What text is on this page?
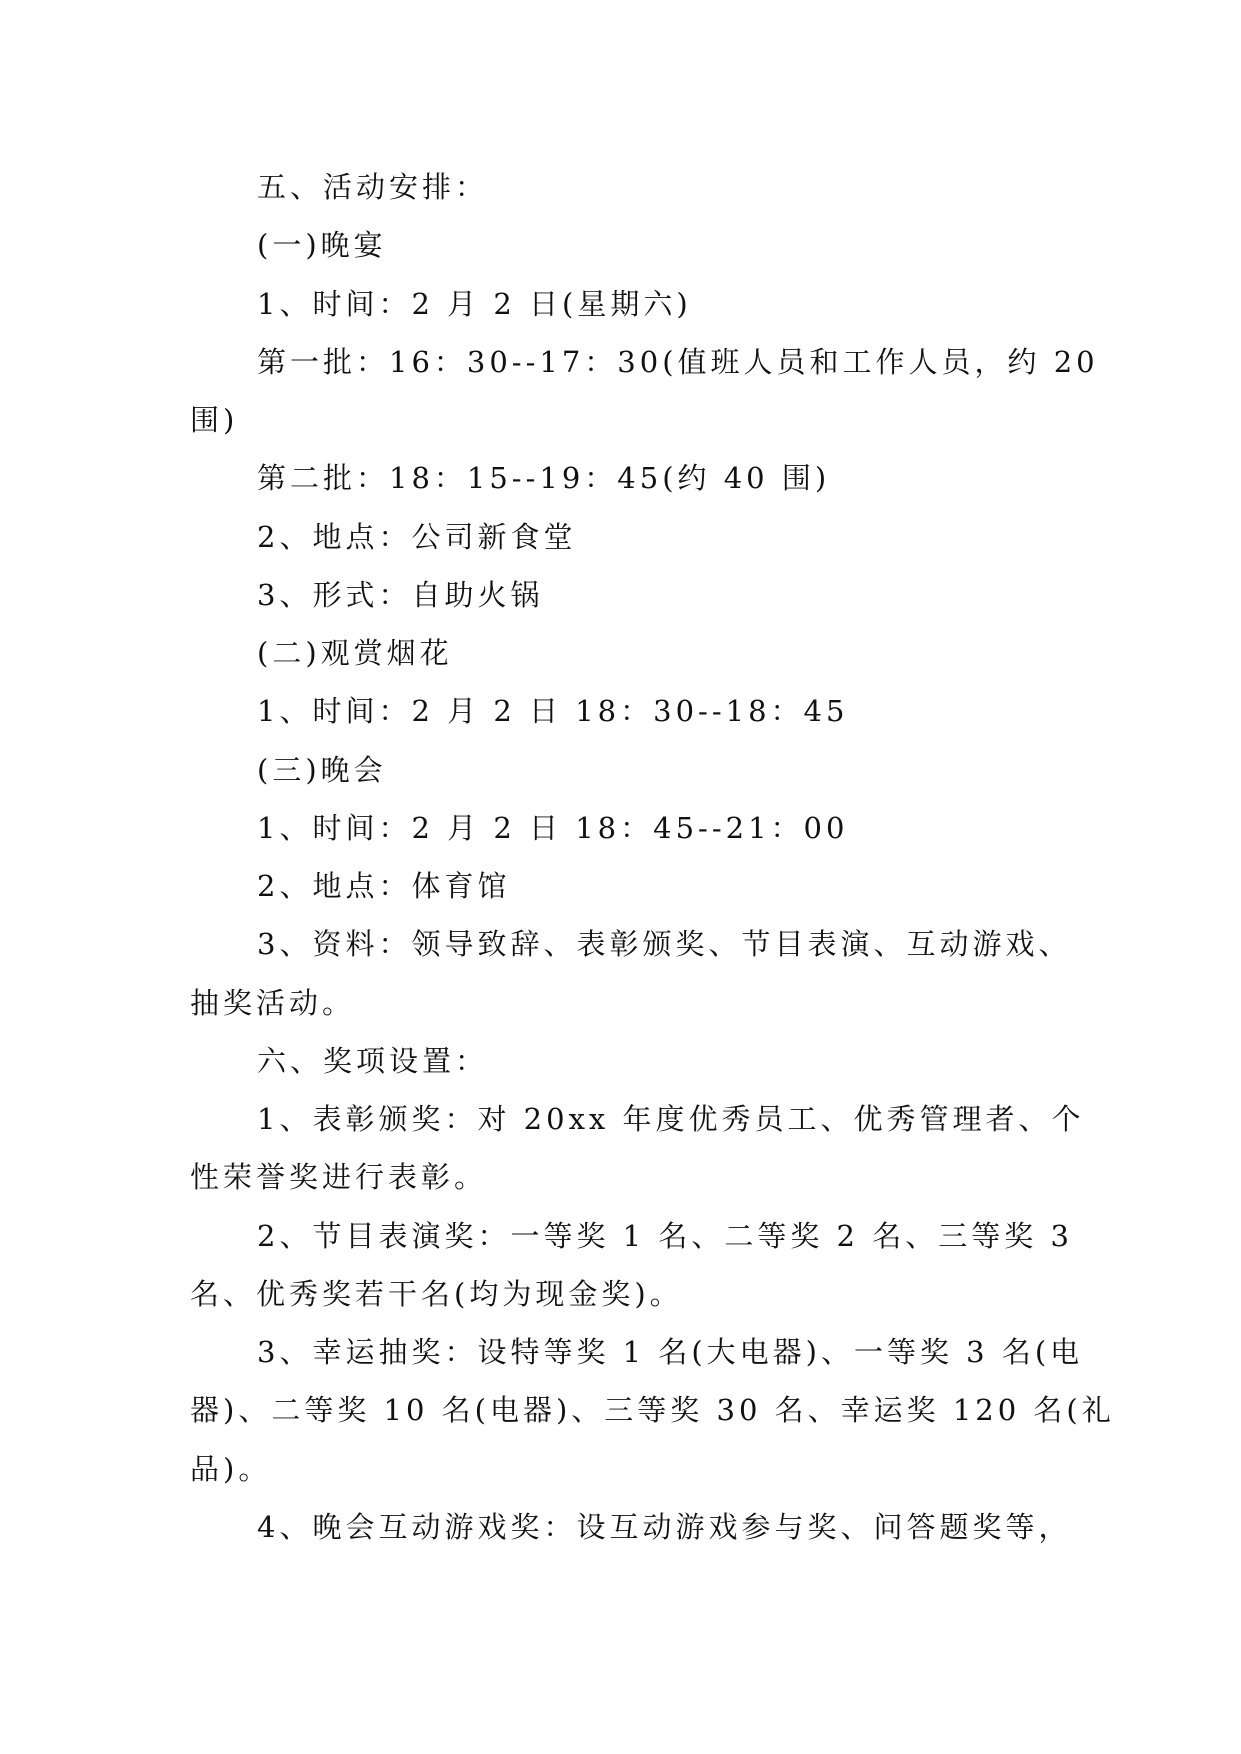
五、活动安排：
(一)晚宴
1、时间：2 月 2 日(星期六)
第一批：16：30--17：30(值班人员和工作人员，约 20
围)
第二批：18：15--19：45(约 40 围)
2、地点：公司新食堂
3、形式：自助火锅
(二)观赏烟花
1、时间：2 月 2 日 18：30--18：45
(三)晚会
1、时间：2 月 2 日 18：45--21：00
2、地点：体育馆
3、资料：领导致辞、表彰颁奖、节目表演、互动游戏、
抽奖活动。
六、奖项设置：
1、表彰颁奖：对 20xx 年度优秀员工、优秀管理者、个
性荣誉奖进行表彰。
2、节目表演奖：一等奖 1 名、二等奖 2 名、三等奖 3
名、优秀奖若干名(均为现金奖)。
3、幸运抽奖：设特等奖 1 名(大电器)、一等奖 3 名(电
器)、二等奖 10 名(电器)、三等奖 30 名、幸运奖 120 名(礼
品)。
4、晚会互动游戏奖：设互动游戏参与奖、问答题奖等，
